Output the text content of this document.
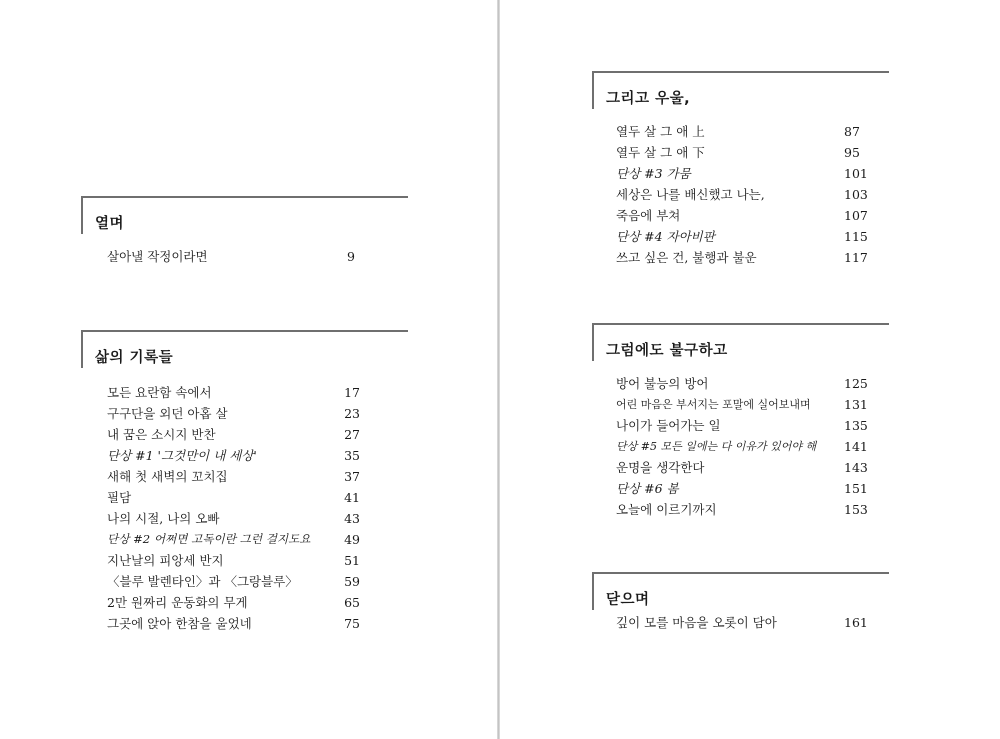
열며
살아낼 작정이라면	9
삶의 기록들
모든 요란함 속에서	17
구구단을 외던 아홉 살	23
내 꿈은 소시지 반찬	27
단상 #1 '그것만이 내 세상'	35
새해 첫 새벽의 꼬치집	37
필담	41
나의 시절, 나의 오빠	43
단상 #2 어쩌면 고독이란 그런 걸지도요	49
지난날의 피앙세 반지	51
〈블루 발렌타인〉과 〈그랑블루〉	59
2만 원짜리 운동화의 무게	65
그곳에 앉아 한참을 울었네	75
그리고 우울,
열두 살 그 애 上	87
열두 살 그 애 下	95
단상 #3 가뭄	101
세상은 나를 배신했고 나는,	103
죽음에 부쳐	107
단상 #4 자아비판	115
쓰고 싶은 건, 불행과 불운	117
그럼에도 불구하고
방어 불능의 방어	125
어린 마음은 부서지는 포말에 실어보내며	131
나이가 들어가는 일	135
단상 #5 모든 일에는 다 이유가 있어야 해 141
운명을 생각한다	143
단상 #6 봄	151
오늘에 이르기까지	153
닫으며
깊이 모를 마음을 오롯이 담아	161
